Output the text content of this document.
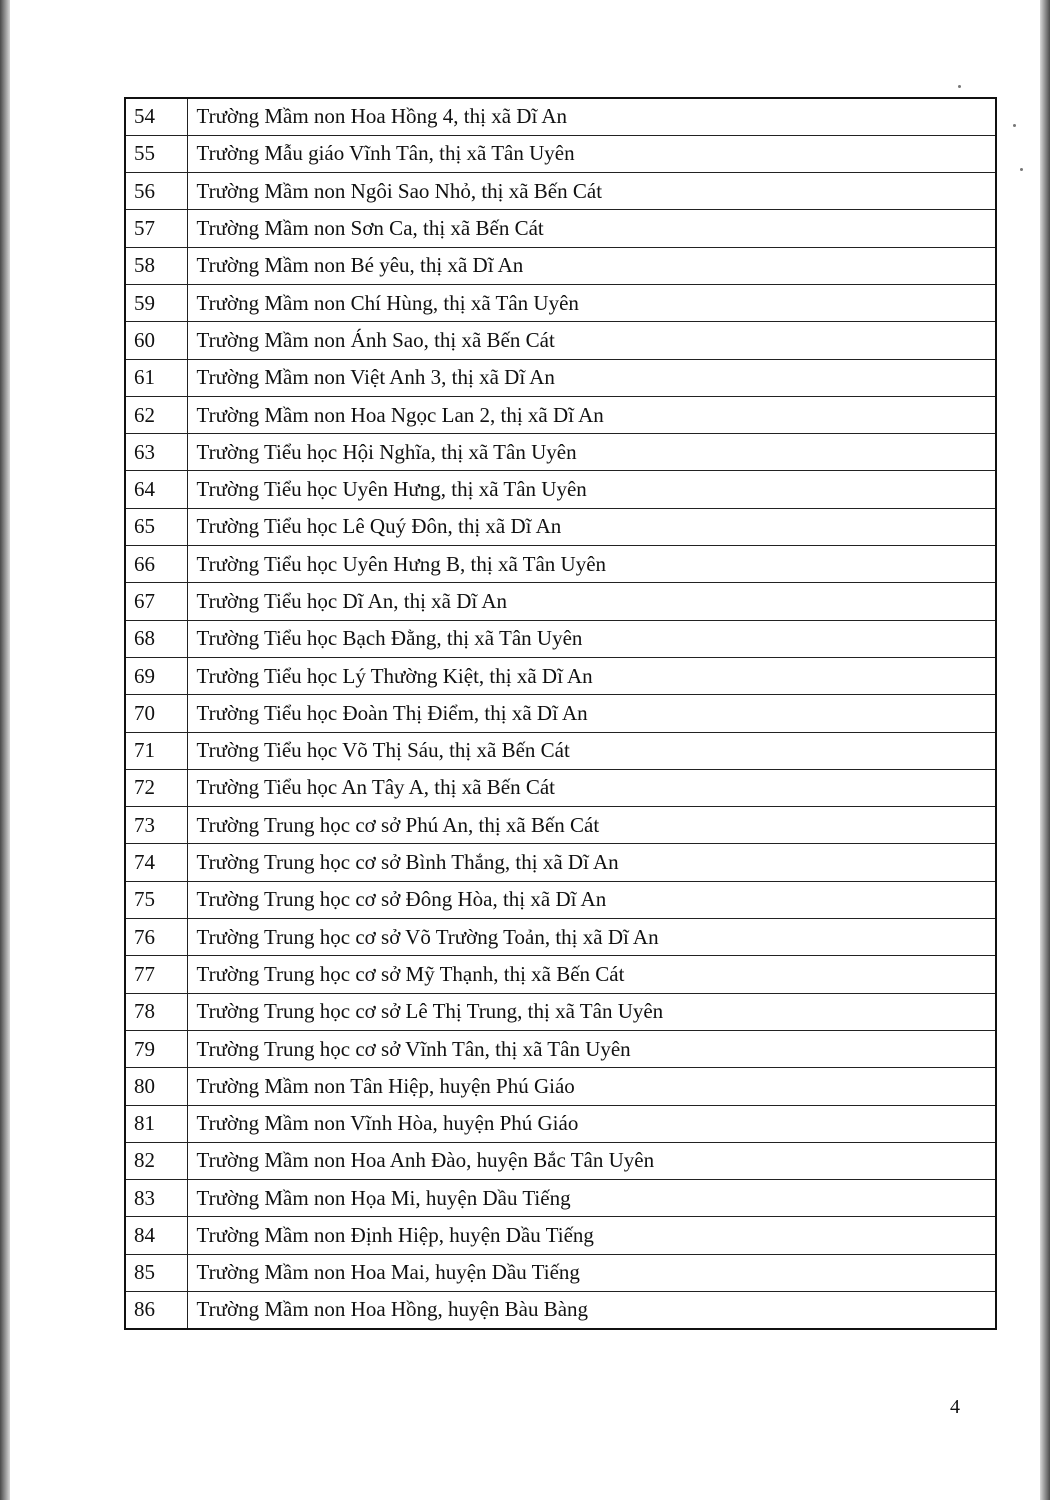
54	Trường Mầm non Hoa Hồng 4, thị xã Dĩ An
55	Trường Mẫu giáo Vĩnh Tân, thị xã Tân Uyên
56	Trường Mầm non Ngôi Sao Nhỏ, thị xã Bến Cát
57	Trường Mầm non Sơn Ca, thị xã Bến Cát
58	Trường Mầm non Bé yêu, thị xã Dĩ An
59	Trường Mầm non Chí Hùng, thị xã Tân Uyên
60	Trường Mầm non Ánh Sao, thị xã Bến Cát
61	Trường Mầm non Việt Anh 3, thị xã Dĩ An
62	Trường Mầm non Hoa Ngọc Lan 2, thị xã Dĩ An
63	Trường Tiểu học Hội Nghĩa, thị xã Tân Uyên
64	Trường Tiểu học Uyên Hưng, thị xã Tân Uyên
65	Trường Tiểu học Lê Quý Đôn, thị xã Dĩ An
66	Trường Tiểu học Uyên Hưng B, thị xã Tân Uyên
67	Trường Tiểu học Dĩ An, thị xã Dĩ An
68	Trường Tiểu học Bạch Đằng, thị xã Tân Uyên
69	Trường Tiểu học Lý Thường Kiệt, thị xã Dĩ An
70	Trường Tiểu học Đoàn Thị Điểm, thị xã Dĩ An
71	Trường Tiểu học Võ Thị Sáu, thị xã Bến Cát
72	Trường Tiểu học An Tây A, thị xã Bến Cát
73	Trường Trung học cơ sở Phú An, thị xã Bến Cát
74	Trường Trung học cơ sở Bình Thắng, thị xã Dĩ An
75	Trường Trung học cơ sở Đông Hòa, thị xã Dĩ An
76	Trường Trung học cơ sở Võ Trường Toản, thị xã Dĩ An
77	Trường Trung học cơ sở Mỹ Thạnh, thị xã Bến Cát
78	Trường Trung học cơ sở Lê Thị Trung, thị xã Tân Uyên
79	Trường Trung học cơ sở Vĩnh Tân, thị xã Tân Uyên
80	Trường Mầm non Tân Hiệp, huyện Phú Giáo
81	Trường Mầm non Vĩnh Hòa, huyện Phú Giáo
82	Trường Mầm non Hoa Anh Đào, huyện Bắc Tân Uyên
83	Trường Mầm non Họa Mi, huyện Dầu Tiếng
84	Trường Mầm non Định Hiệp, huyện Dầu Tiếng
85	Trường Mầm non Hoa Mai, huyện Dầu Tiếng
86	Trường Mầm non Hoa Hồng, huyện Bàu Bàng
4
